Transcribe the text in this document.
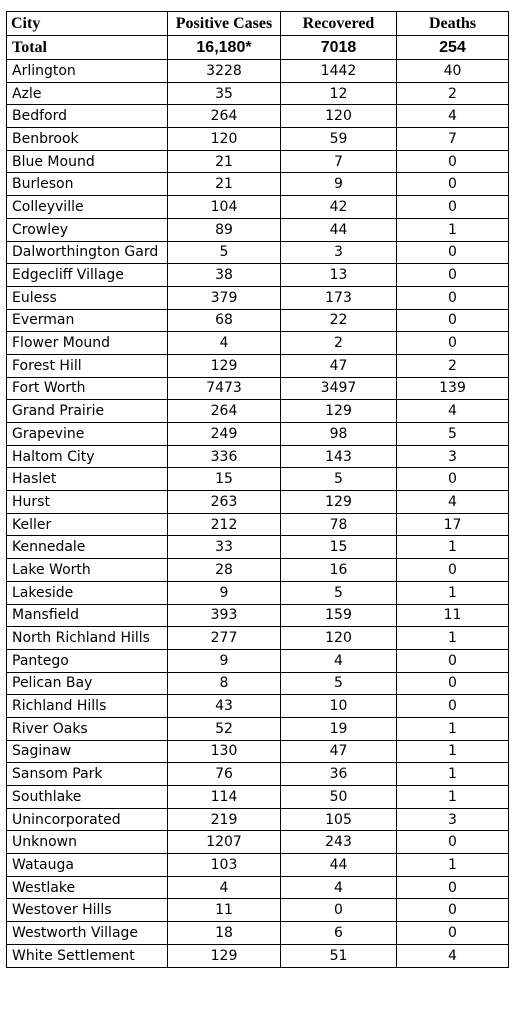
City	Positive Cases	Recovered	Deaths
Total	16,180*	7018	254
Arlington	3228	1442	40
Azle	35	12	2
Bedford	264	120	4
Benbrook	120	59	7
Blue Mound	21	7	0
Burleson	21	9	0
Colleyville	104	42	0
Crowley	89	44	1
Dalworthington Gard	5	3	0
Edgecliff Village	38	13	0
Euless	379	173	0
Everman	68	22	0
Flower Mound	4	2	0
Forest Hill	129	47	2
Fort Worth	7473	3497	139
Grand Prairie	264	129	4
Grapevine	249	98	5
Haltom City	336	143	3
Haslet	15	5	0
Hurst	263	129	4
Keller	212	78	17
Kennedale	33	15	1
Lake Worth	28	16	0
Lakeside	9	5	1
Mansfield	393	159	11
North Richland Hills	277	120	1
Pantego	9	4	0
Pelican Bay	8	5	0
Richland Hills	43	10	0
River Oaks	52	19	1
Saginaw	130	47	1
Sansom Park	76	36	1
Southlake	114	50	1
Unincorporated	219	105	3
Unknown	1207	243	0
Watauga	103	44	1
Westlake	4	4	0
Westover Hills	11	0	0
Westworth Village	18	6	0
White Settlement	129	51	4
